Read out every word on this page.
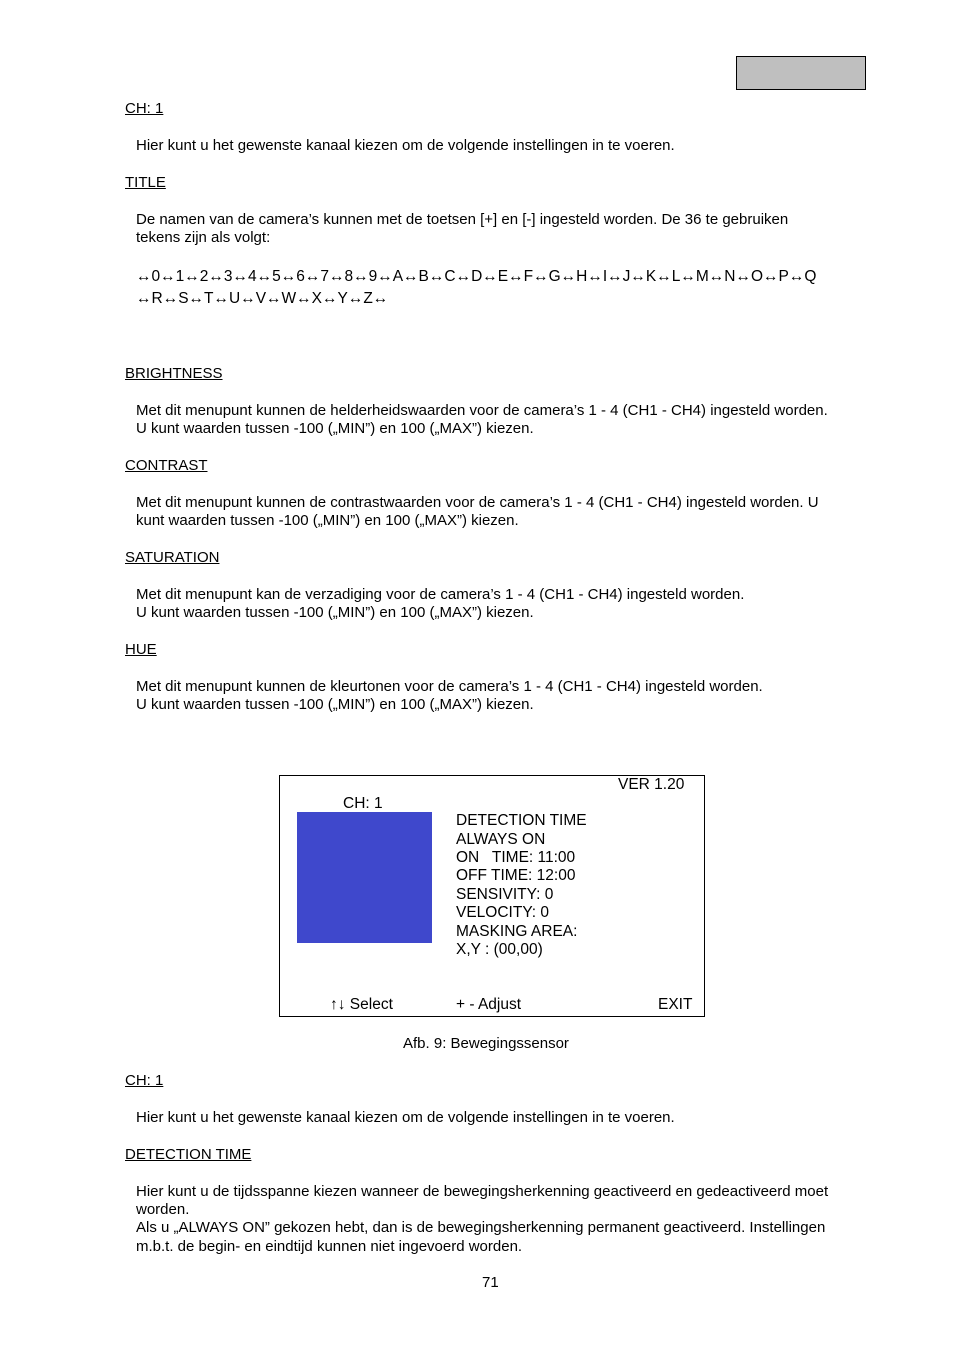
CH: 1
Hier kunt u het gewenste kanaal kiezen om de volgende instellingen in te voeren.
TITLE
De namen van de camera’s kunnen met de toetsen [+] en [-] ingesteld worden. De 36 te gebruiken
tekens zijn als volgt:
↔0↔1↔2↔3↔4↔5↔6↔7↔8↔9↔A↔B↔C↔D↔E↔F↔G↔H↔I↔J↔K↔L↔M↔N↔O↔P↔Q
↔R↔S↔T↔U↔V↔W↔X↔Y↔Z↔
BRIGHTNESS
Met dit menupunt kunnen de helderheidswaarden voor de camera’s 1 - 4 (CH1 - CH4) ingesteld worden.
U kunt waarden tussen -100 („MIN”) en 100 („MAX”) kiezen.
CONTRAST
Met dit menupunt kunnen de contrastwaarden voor de camera’s 1 - 4 (CH1 - CH4) ingesteld worden. U
kunt waarden tussen -100 („MIN”) en 100 („MAX”) kiezen.
SATURATION
Met dit menupunt kan de verzadiging voor de camera’s 1 - 4 (CH1 - CH4) ingesteld worden.
U kunt waarden tussen -100 („MIN”) en 100 („MAX”) kiezen.
HUE
Met dit menupunt kunnen de kleurtonen voor de camera’s 1 - 4 (CH1 - CH4) ingesteld worden.
U kunt waarden tussen -100 („MIN”) en 100 („MAX”) kiezen.
VER 1.20
CH: 1
DETECTION TIME
ALWAYS ON
ON   TIME: 11:00
OFF TIME: 12:00
SENSIVITY: 0
VELOCITY: 0
MASKING AREA:
X,Y : (00,00)
↑↓ Select	+ - Adjust	EXIT
Afb. 9: Bewegingssensor
CH: 1
Hier kunt u het gewenste kanaal kiezen om de volgende instellingen in te voeren.
DETECTION TIME
Hier kunt u de tijdsspanne kiezen wanneer de bewegingsherkenning geactiveerd en gedeactiveerd moet
worden.
Als u „ALWAYS ON” gekozen hebt, dan is de bewegingsherkenning permanent geactiveerd. Instellingen
m.b.t. de begin- en eindtijd kunnen niet ingevoerd worden.
71
